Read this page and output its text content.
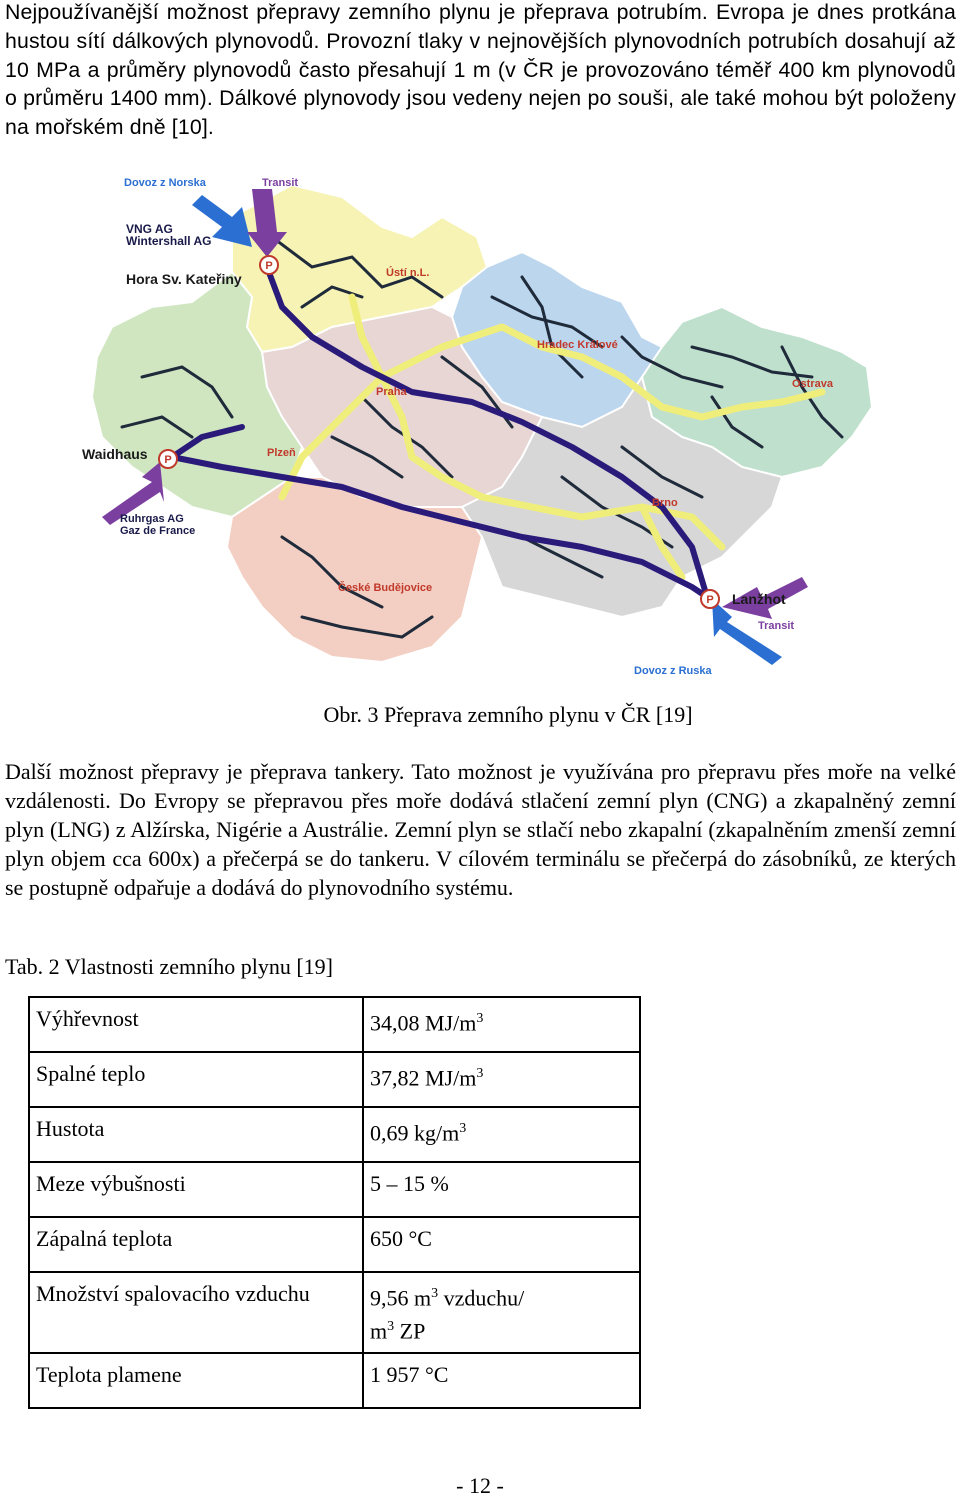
Nejpoužívanější možnost přepravy zemního plynu je přeprava potrubím. Evropa je dnes protkána hustou sítí dálkových plynovodů. Provozní tlaky v nejnovějších plynovodních potrubích dosahují až 10 MPa a průměry plynovodů často přesahují 1 m (v ČR je provozováno téměř 400 km plynovodů o průměru 1400 mm). Dálkové plynovody jsou vedeny nejen po souši, ale také mohou být položeny na mořském dně [10].
P
P
P
Dovoz z Norska	Transit
VNG AG
Wintershall AG
Hora Sv. Kateřiny
Waidhaus
Ruhrgas AG
Gaz de France
Ústí n.L.
Hradec Králové
Praha
Plzeň
Ostrava
Brno
České Budějovice
Lanžhot
Transit
Dovoz z Ruska
Obr. 3 Přeprava zemního plynu v ČR [19]
Další možnost přepravy je přeprava tankery. Tato možnost je využívána pro přepravu přes moře na velké vzdálenosti. Do Evropy se přepravou přes moře dodává stlačení zemní plyn (CNG) a zkapalněný zemní plyn (LNG) z Alžírska, Nigérie a Austrálie. Zemní plyn se stlačí nebo zkapalní (zkapalněním zmenší zemní plyn objem cca 600x) a přečerpá se do tankeru. V cílovém terminálu se přečerpá do zásobníků, ze kterých se postupně odpařuje a dodává do plynovodního systému.
Tab. 2 Vlastnosti zemního plynu [19]
Výhřevnost	34,08 $MJ/m^3$
Spalné teplo	37,82 $MJ/m^3$
Hustota	0,69 $kg/m^3$
Meze výbušnosti	5 – 15 %
Zápalná teplota	650 °C
Množství spalovacího vzduchu	9,56 $m^3$ vzduchu/
$m^3$ ZP
Teplota plamene	1 957 °C
- 12 -
